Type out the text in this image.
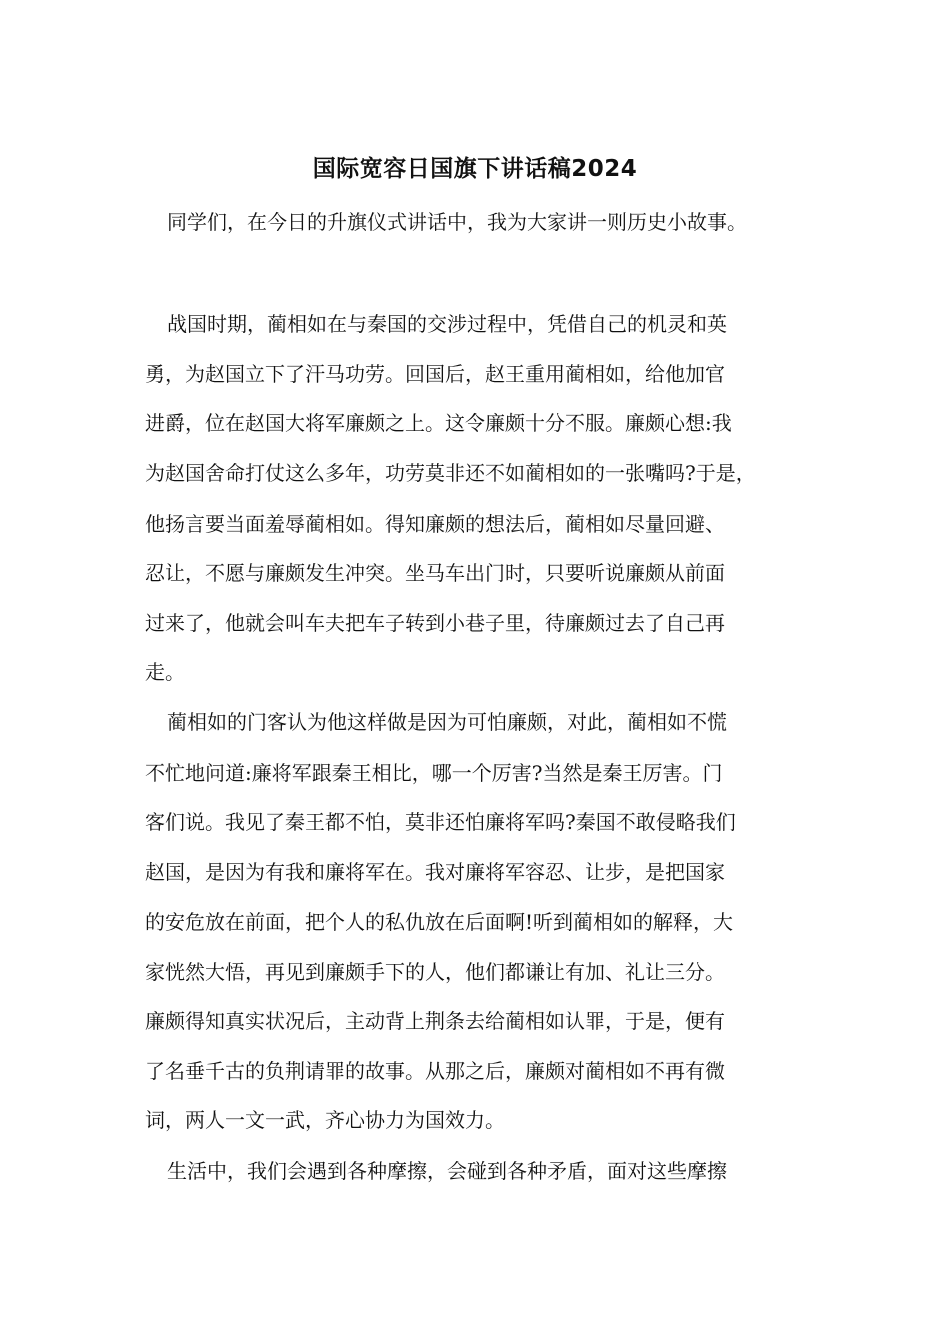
国际宽容日国旗下讲话稿2024
同学们，在今日的升旗仪式讲话中，我为大家讲一则历史小故事。
战国时期，蔺相如在与秦国的交涉过程中，凭借自己的机灵和英
勇，为赵国立下了汗马功劳。回国后，赵王重用蔺相如，给他加官
进爵，位在赵国大将军廉颇之上。这令廉颇十分不服。廉颇心想:我
为赵国舍命打仗这么多年，功劳莫非还不如蔺相如的一张嘴吗?于是，
他扬言要当面羞辱蔺相如。得知廉颇的想法后，蔺相如尽量回避、
忍让，不愿与廉颇发生冲突。坐马车出门时，只要听说廉颇从前面
过来了，他就会叫车夫把车子转到小巷子里，待廉颇过去了自己再
走。
蔺相如的门客认为他这样做是因为可怕廉颇，对此，蔺相如不慌
不忙地问道:廉将军跟秦王相比，哪一个厉害?当然是秦王厉害。门
客们说。我见了秦王都不怕，莫非还怕廉将军吗?秦国不敢侵略我们
赵国，是因为有我和廉将军在。我对廉将军容忍、让步，是把国家
的安危放在前面，把个人的私仇放在后面啊!听到蔺相如的解释，大
家恍然大悟，再见到廉颇手下的人，他们都谦让有加、礼让三分。
廉颇得知真实状况后，主动背上荆条去给蔺相如认罪，于是，便有
了名垂千古的负荆请罪的故事。从那之后，廉颇对蔺相如不再有微
词，两人一文一武，齐心协力为国效力。
生活中，我们会遇到各种摩擦，会碰到各种矛盾，面对这些摩擦
